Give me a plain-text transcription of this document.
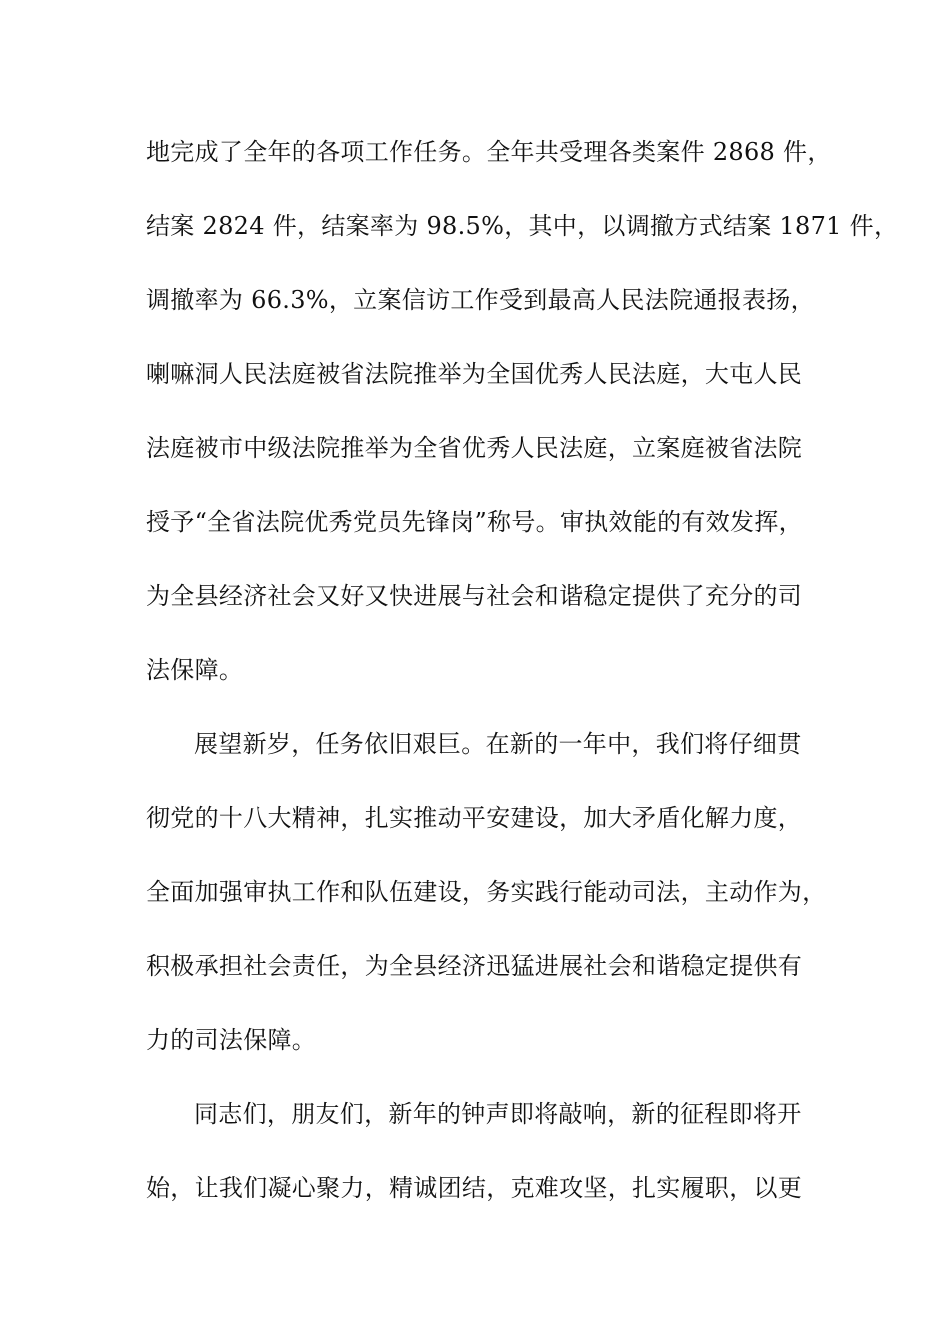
地完成了全年的各项工作任务。全年共受理各类案件 2868 件，
结案 2824 件，结案率为 98.5%，其中，以调撤方式结案 1871 件，
调撤率为 66.3%，立案信访工作受到最高人民法院通报表扬，
喇嘛洞人民法庭被省法院推举为全国优秀人民法庭，大屯人民
法庭被市中级法院推举为全省优秀人民法庭，立案庭被省法院
授予“全省法院优秀党员先锋岗”称号。审执效能的有效发挥，
为全县经济社会又好又快进展与社会和谐稳定提供了充分的司
法保障。
展望新岁，任务依旧艰巨。在新的一年中，我们将仔细贯
彻党的十八大精神，扎实推动平安建设，加大矛盾化解力度，
全面加强审执工作和队伍建设，务实践行能动司法，主动作为，
积极承担社会责任，为全县经济迅猛进展社会和谐稳定提供有
力的司法保障。
同志们，朋友们，新年的钟声即将敲响，新的征程即将开
始，让我们凝心聚力，精诚团结，克难攻坚，扎实履职，以更
